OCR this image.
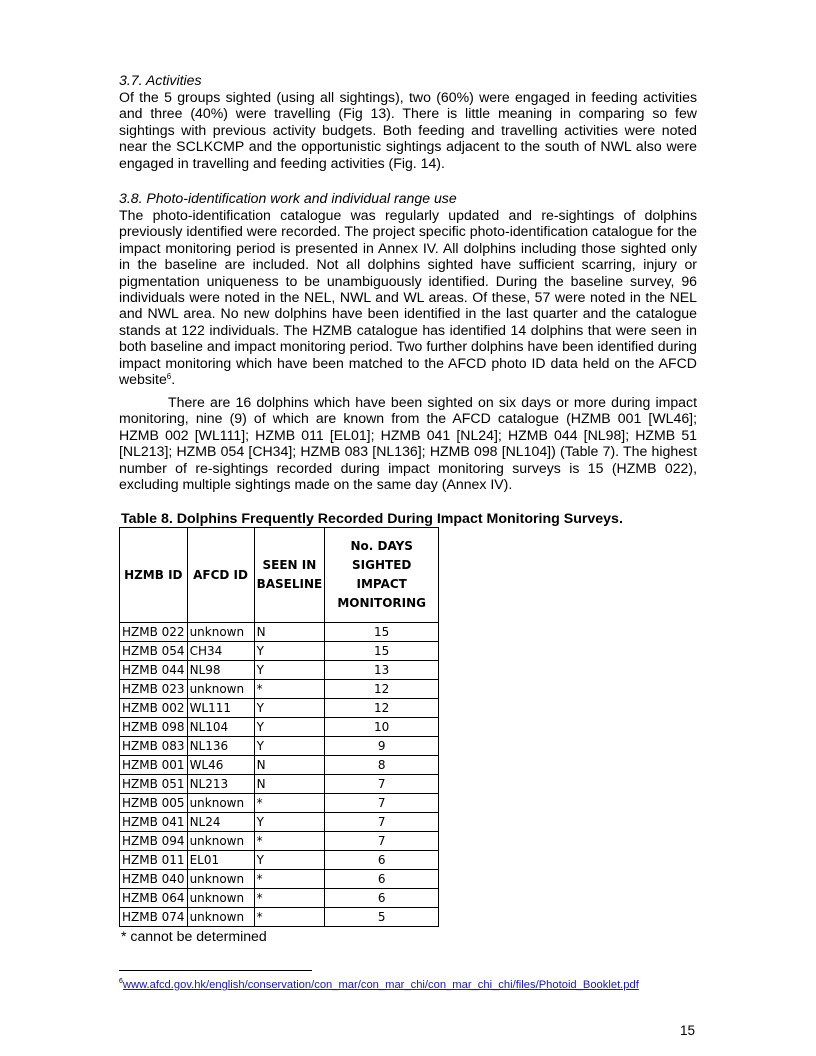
3.7. Activities

Of the 5 groups sighted (using all sightings), two (60%) were engaged in feeding activities and three (40%) were travelling (Fig 13). There is little meaning in comparing so few sightings with previous activity budgets. Both feeding and travelling activities were noted near the SCLKCMP and the opportunistic sightings adjacent to the south of NWL also were engaged in travelling and feeding activities (Fig. 14).

3.8. Photo-identification work and individual range use

The photo-identification catalogue was regularly updated and re-sightings of dolphins previously identified were recorded. The project specific photo-identification catalogue for the impact monitoring period is presented in Annex IV. All dolphins including those sighted only in the baseline are included. Not all dolphins sighted have sufficient scarring, injury or pigmentation uniqueness to be unambiguously identified. During the baseline survey, 96 individuals were noted in the NEL, NWL and WL areas. Of these, 57 were noted in the NEL and NWL area. No new dolphins have been identified in the last quarter and the catalogue stands at 122 individuals. The HZMB catalogue has identified 14 dolphins that were seen in both baseline and impact monitoring period. Two further dolphins have been identified during impact monitoring which have been matched to the AFCD photo ID data held on the AFCD website$^6$.

There are 16 dolphins which have been sighted on six days or more during impact monitoring, nine (9) of which are known from the AFCD catalogue (HZMB 001 [WL46]; HZMB 002 [WL111]; HZMB 011 [EL01]; HZMB 041 [NL24]; HZMB 044 [NL98]; HZMB 51 [NL213]; HZMB 054 [CH34]; HZMB 083 [NL136]; HZMB 098 [NL104]) (Table 7). The highest number of re-sightings recorded during impact monitoring surveys is 15 (HZMB 022), excluding multiple sightings made on the same day (Annex IV).

Table 8. Dolphins Frequently Recorded During Impact Monitoring Surveys.

HZMB ID	AFCD ID	SEEN IN BASELINE	No. DAYS SIGHTED IMPACT MONITORING
HZMB 022	unknown	N	15
HZMB 054	CH34	Y	15
HZMB 044	NL98	Y	13
HZMB 023	unknown	*	12
HZMB 002	WL111	Y	12
HZMB 098	NL104	Y	10
HZMB 083	NL136	Y	9
HZMB 001	WL46	N	8
HZMB 051	NL213	N	7
HZMB 005	unknown	*	7
HZMB 041	NL24	Y	7
HZMB 094	unknown	*	7
HZMB 011	EL01	Y	6
HZMB 040	unknown	*	6
HZMB 064	unknown	*	6
HZMB 074	unknown	*	5

* cannot be determined

$^6$www.afcd.gov.hk/english/conservation/con_mar/con_mar_chi/con_mar_chi_chi/files/Photoid_Booklet.pdf

15
